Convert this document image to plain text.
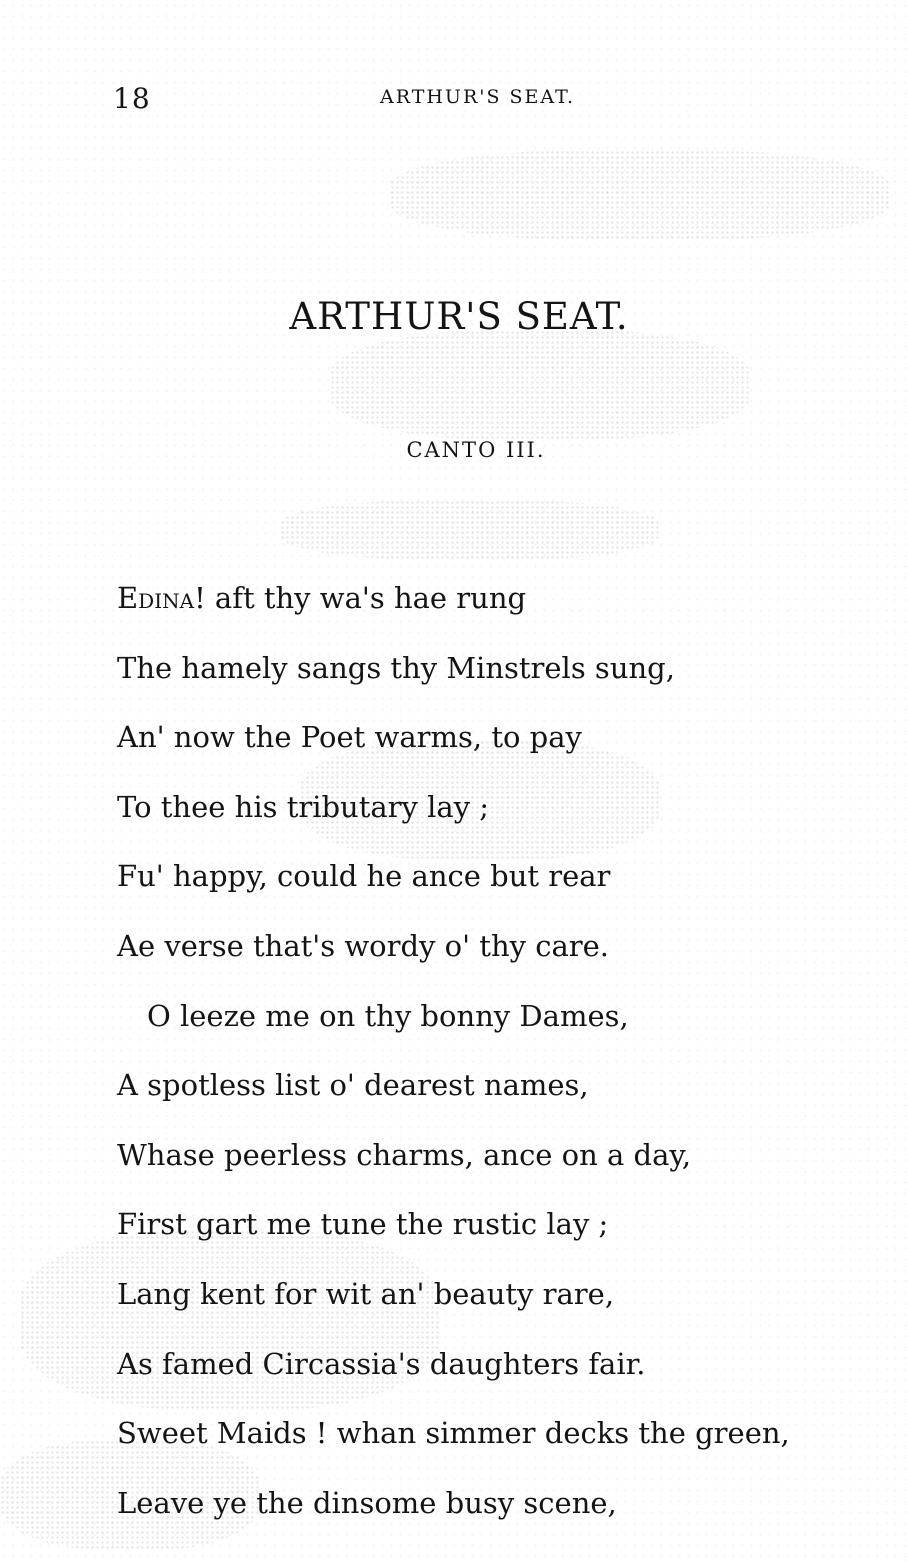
18	ARTHUR'S SEAT.
ARTHUR'S SEAT.
CANTO III.
Edina! aft thy wa's hae rung
The hamely sangs thy Minstrels sung,
An' now the Poet warms, to pay
To thee his tributary lay ;
Fu' happy, could he ance but rear
Ae verse that's wordy o' thy care.
O leeze me on thy bonny Dames,
A spotless list o' dearest names,
Whase peerless charms, ance on a day,
First gart me tune the rustic lay ;
Lang kent for wit an' beauty rare,
As famed Circassia's daughters fair.
Sweet Maids ! whan simmer decks the green,
Leave ye the dinsome busy scene,
